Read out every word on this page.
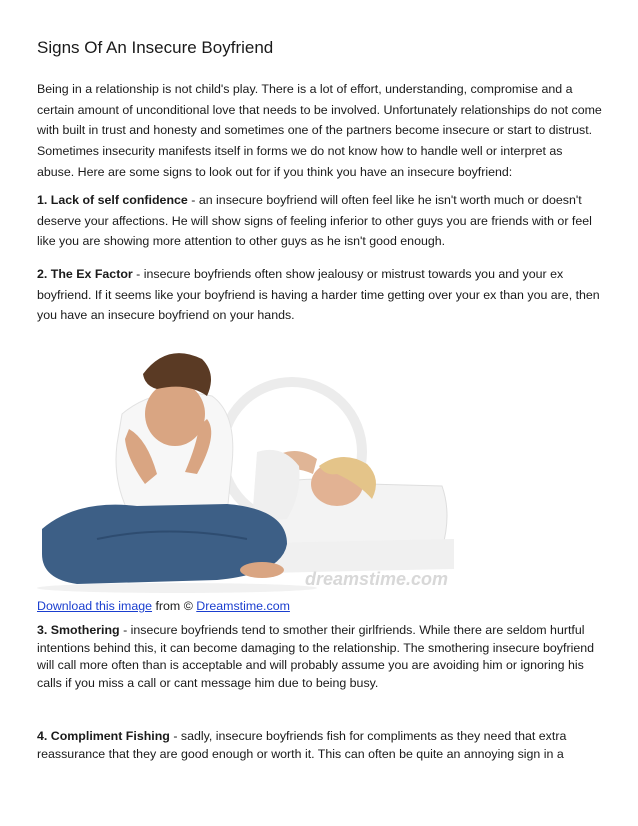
Signs Of An Insecure Boyfriend

Being in a relationship is not child's play. There is a lot of effort, understanding, compromise and a certain amount of unconditional love that needs to be involved. Unfortunately relationships do not come with built in trust and honesty and sometimes one of the partners become insecure or start to distrust. Sometimes insecurity manifests itself in forms we do not know how to handle well or interpret as abuse. Here are some signs to look out for if you think you have an insecure boyfriend:

1. Lack of self confidence - an insecure boyfriend will often feel like he isn't worth much or doesn't deserve your affections. He will show signs of feeling inferior to other guys you are friends with or feel like you are showing more attention to other guys as he isn't good enough.

2. The Ex Factor - insecure boyfriends often show jealousy or mistrust towards you and your ex boyfriend. If it seems like your boyfriend is having a harder time getting over your ex than you are, then you have an insecure boyfriend on your hands.

dreamstime.com
Download this image from © Dreamstime.com

3. Smothering - insecure boyfriends tend to smother their girlfriends. While there are seldom hurtful intentions behind this, it can become damaging to the relationship. The smothering insecure boyfriend will call more often than is acceptable and will probably assume you are avoiding him or ignoring his calls if you miss a call or cant message him due to being busy.

4. Compliment Fishing - sadly, insecure boyfriends fish for compliments as they need that extra reassurance that they are good enough or worth it. This can often be quite an annoying sign in a
